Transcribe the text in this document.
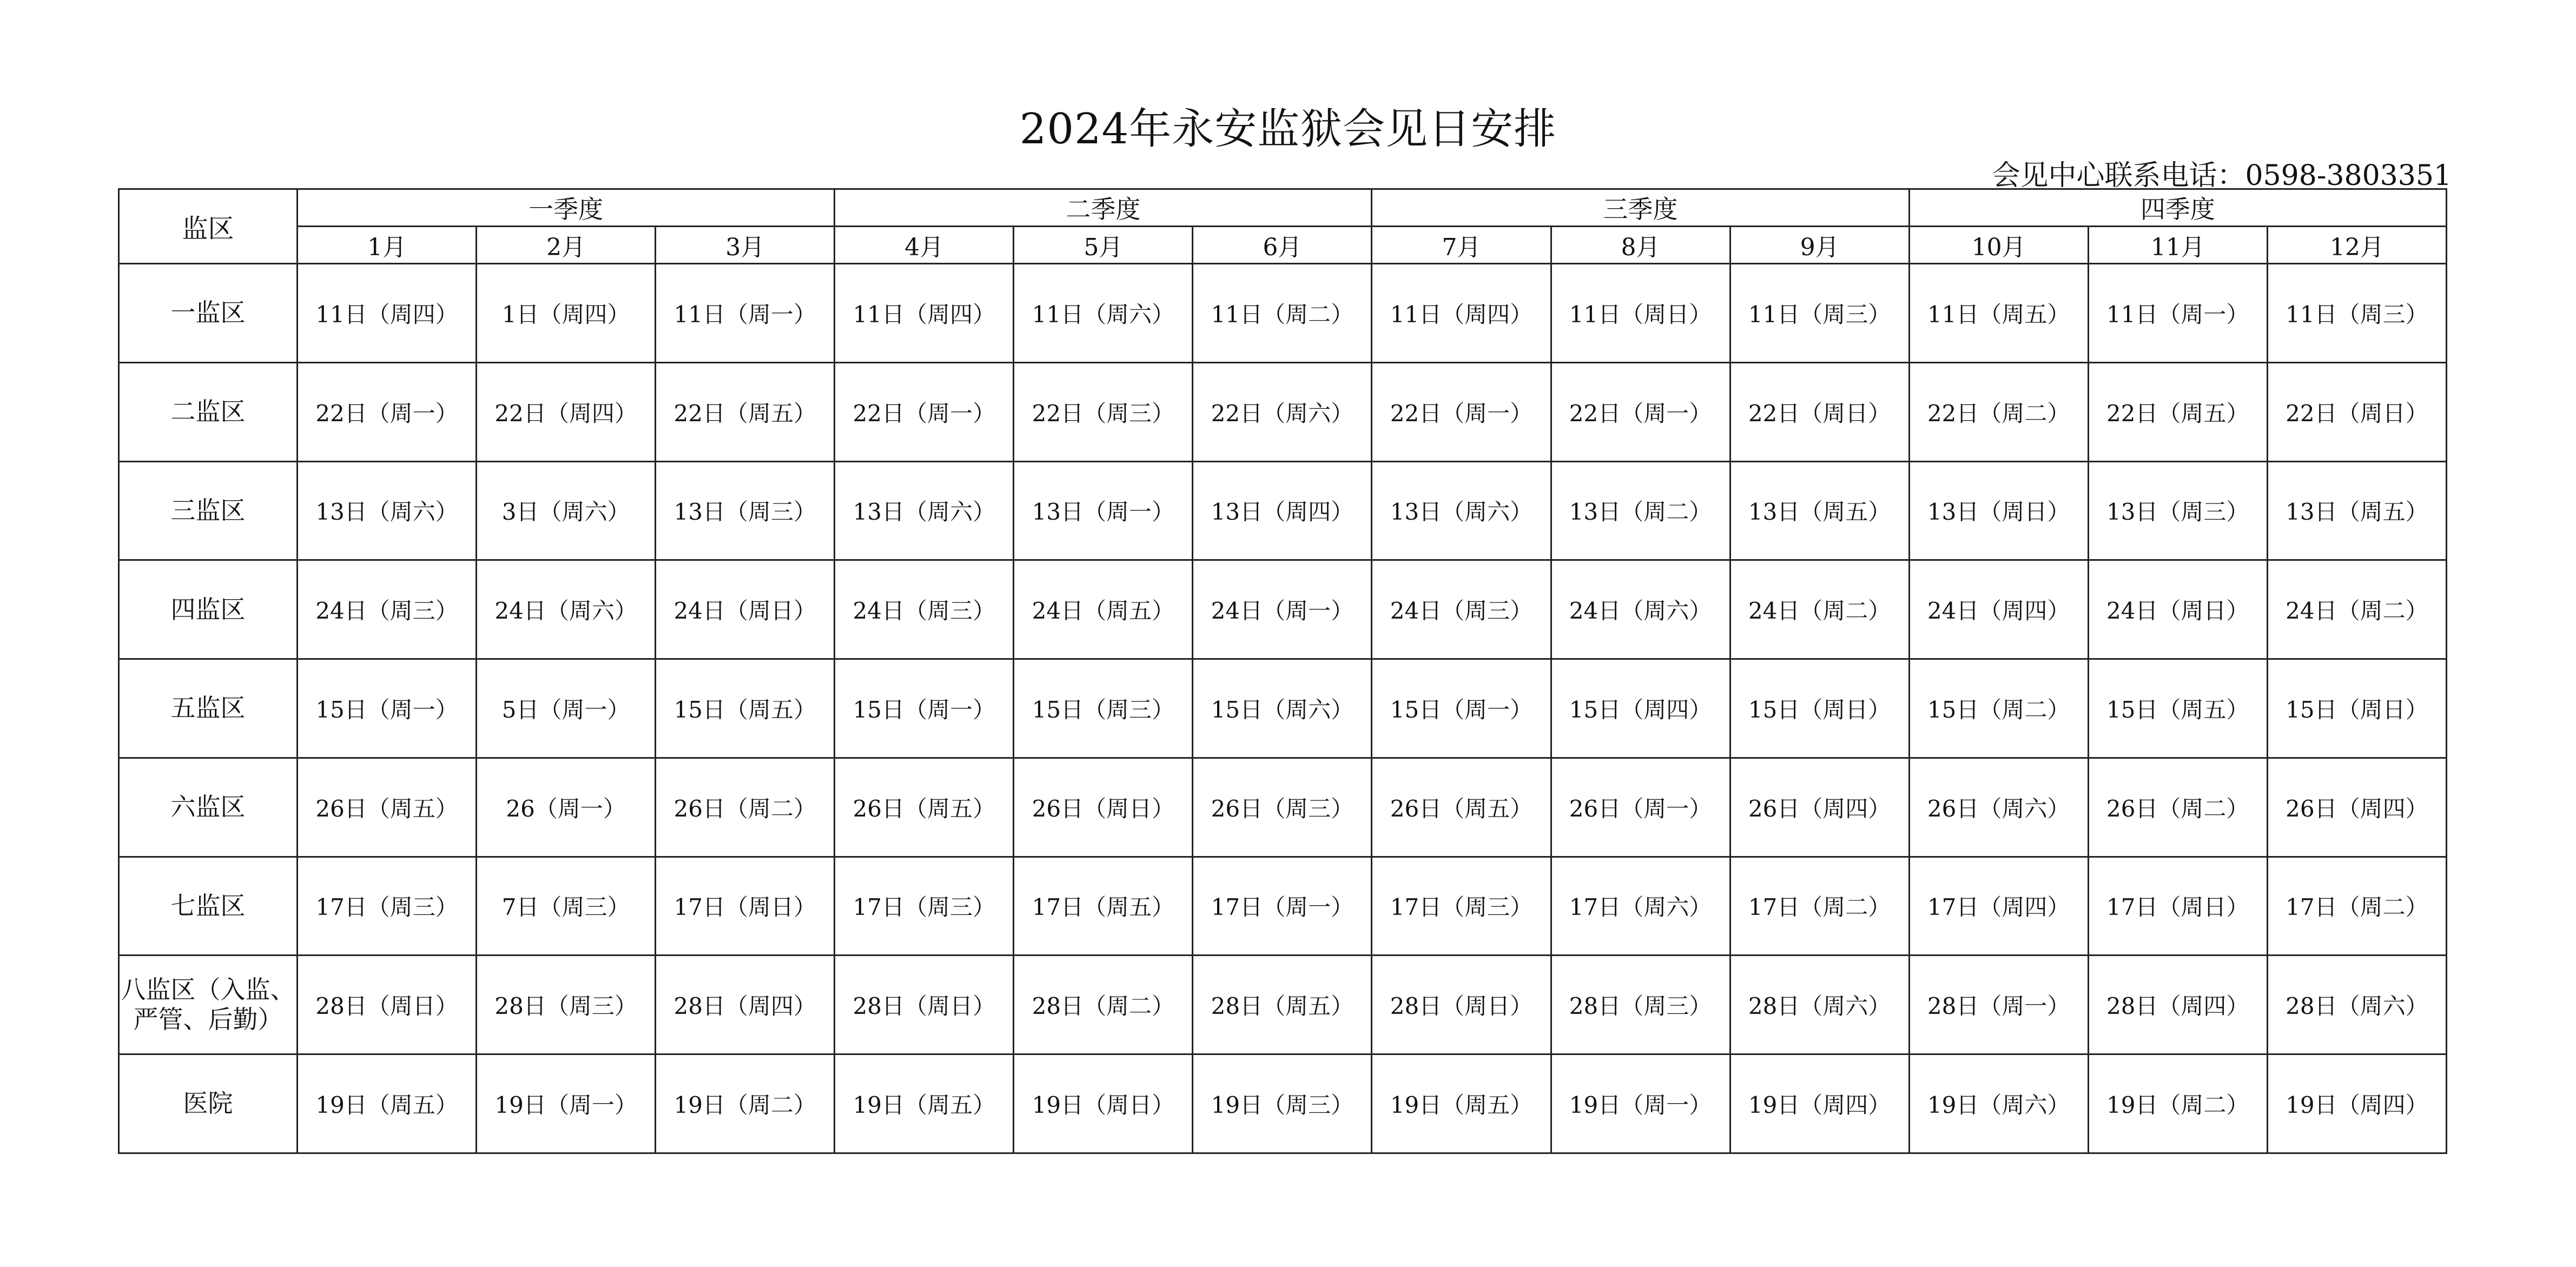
2024年永安监狱会见日安排
会见中心联系电话：0598-3803351
监区	一季度			二季度			三季度			四季度		
	1月	2月	3月	4月	5月	6月	7月	8月	9月	10月	11月	12月
一监区	11日（周四）	1日（周四）	11日（周一）	11日（周四）	11日（周六）	11日（周二）	11日（周四）	11日（周日）	11日（周三）	11日（周五）	11日（周一）	11日（周三）
二监区	22日（周一）	22日（周四）	22日（周五）	22日（周一）	22日（周三）	22日（周六）	22日（周一）	22日（周一）	22日（周日）	22日（周二）	22日（周五）	22日（周日）
三监区	13日（周六）	3日（周六）	13日（周三）	13日（周六）	13日（周一）	13日（周四）	13日（周六）	13日（周二）	13日（周五）	13日（周日）	13日（周三）	13日（周五）
四监区	24日（周三）	24日（周六）	24日（周日）	24日（周三）	24日（周五）	24日（周一）	24日（周三）	24日（周六）	24日（周二）	24日（周四）	24日（周日）	24日（周二）
五监区	15日（周一）	5日（周一）	15日（周五）	15日（周一）	15日（周三）	15日（周六）	15日（周一）	15日（周四）	15日（周日）	15日（周二）	15日（周五）	15日（周日）
六监区	26日（周五）	26（周一）	26日（周二）	26日（周五）	26日（周日）	26日（周三）	26日（周五）	26日（周一）	26日（周四）	26日（周六）	26日（周二）	26日（周四）
七监区	17日（周三）	7日（周三）	17日（周日）	17日（周三）	17日（周五）	17日（周一）	17日（周三）	17日（周六）	17日（周二）	17日（周四）	17日（周日）	17日（周二）
八监区（入监、严管、后勤）	28日（周日）	28日（周三）	28日（周四）	28日（周日）	28日（周二）	28日（周五）	28日（周日）	28日（周三）	28日（周六）	28日（周一）	28日（周四）	28日（周六）
医院	19日（周五）	19日（周一）	19日（周二）	19日（周五）	19日（周日）	19日（周三）	19日（周五）	19日（周一）	19日（周四）	19日（周六）	19日（周二）	19日（周四）
